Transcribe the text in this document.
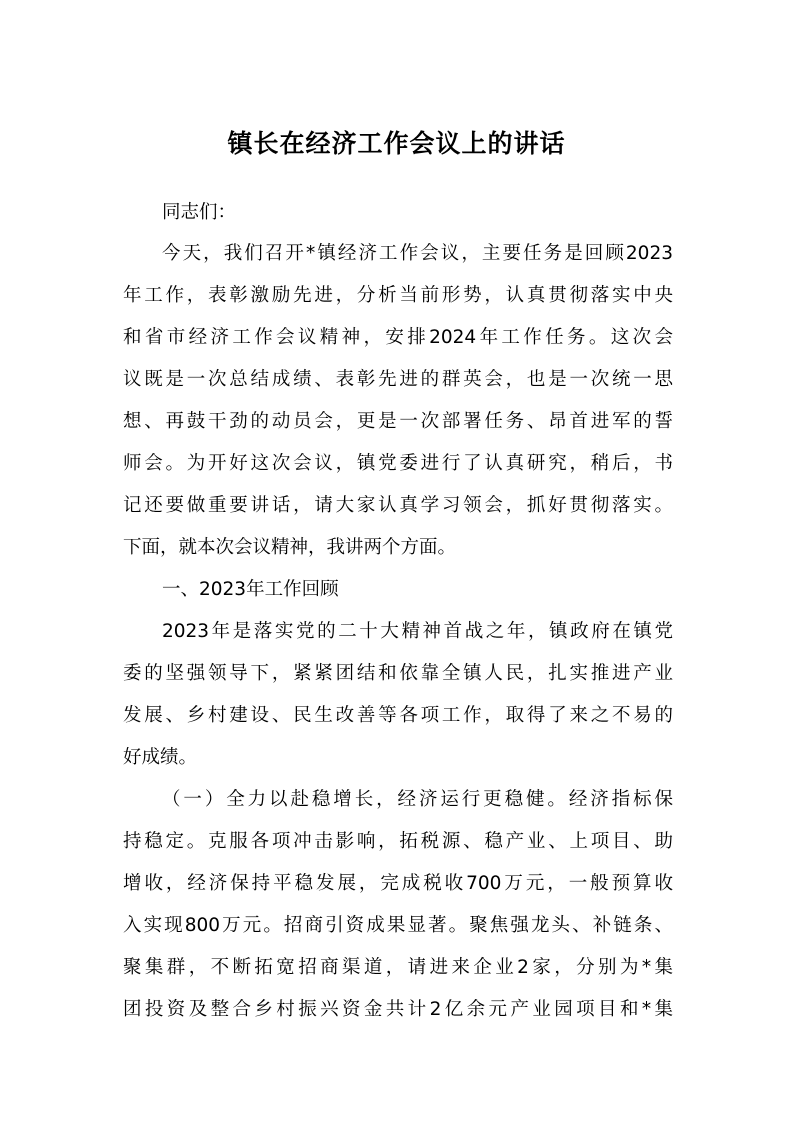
镇长在经济工作会议上的讲话
同志们：
今天，我们召开*镇经济工作会议，主要任务是回顾2023
年工作，表彰激励先进，分析当前形势，认真贯彻落实中央
和省市经济工作会议精神，安排2024年工作任务。这次会
议既是一次总结成绩、表彰先进的群英会，也是一次统一思
想、再鼓干劲的动员会，更是一次部署任务、昂首进军的誓
师会。为开好这次会议，镇党委进行了认真研究，稍后，书
记还要做重要讲话，请大家认真学习领会，抓好贯彻落实。
下面，就本次会议精神，我讲两个方面。
一、2023年工作回顾
2023年是落实党的二十大精神首战之年，镇政府在镇党
委的坚强领导下，紧紧团结和依靠全镇人民，扎实推进产业
发展、乡村建设、民生改善等各项工作，取得了来之不易的
好成绩。
（一）全力以赴稳增长，经济运行更稳健。经济指标保
持稳定。克服各项冲击影响，拓税源、稳产业、上项目、助
增收，经济保持平稳发展，完成税收700万元，一般预算收
入实现800万元。招商引资成果显著。聚焦强龙头、补链条、
聚集群，不断拓宽招商渠道，请进来企业2家，分别为*集
团投资及整合乡村振兴资金共计2亿余元产业园项目和*集
